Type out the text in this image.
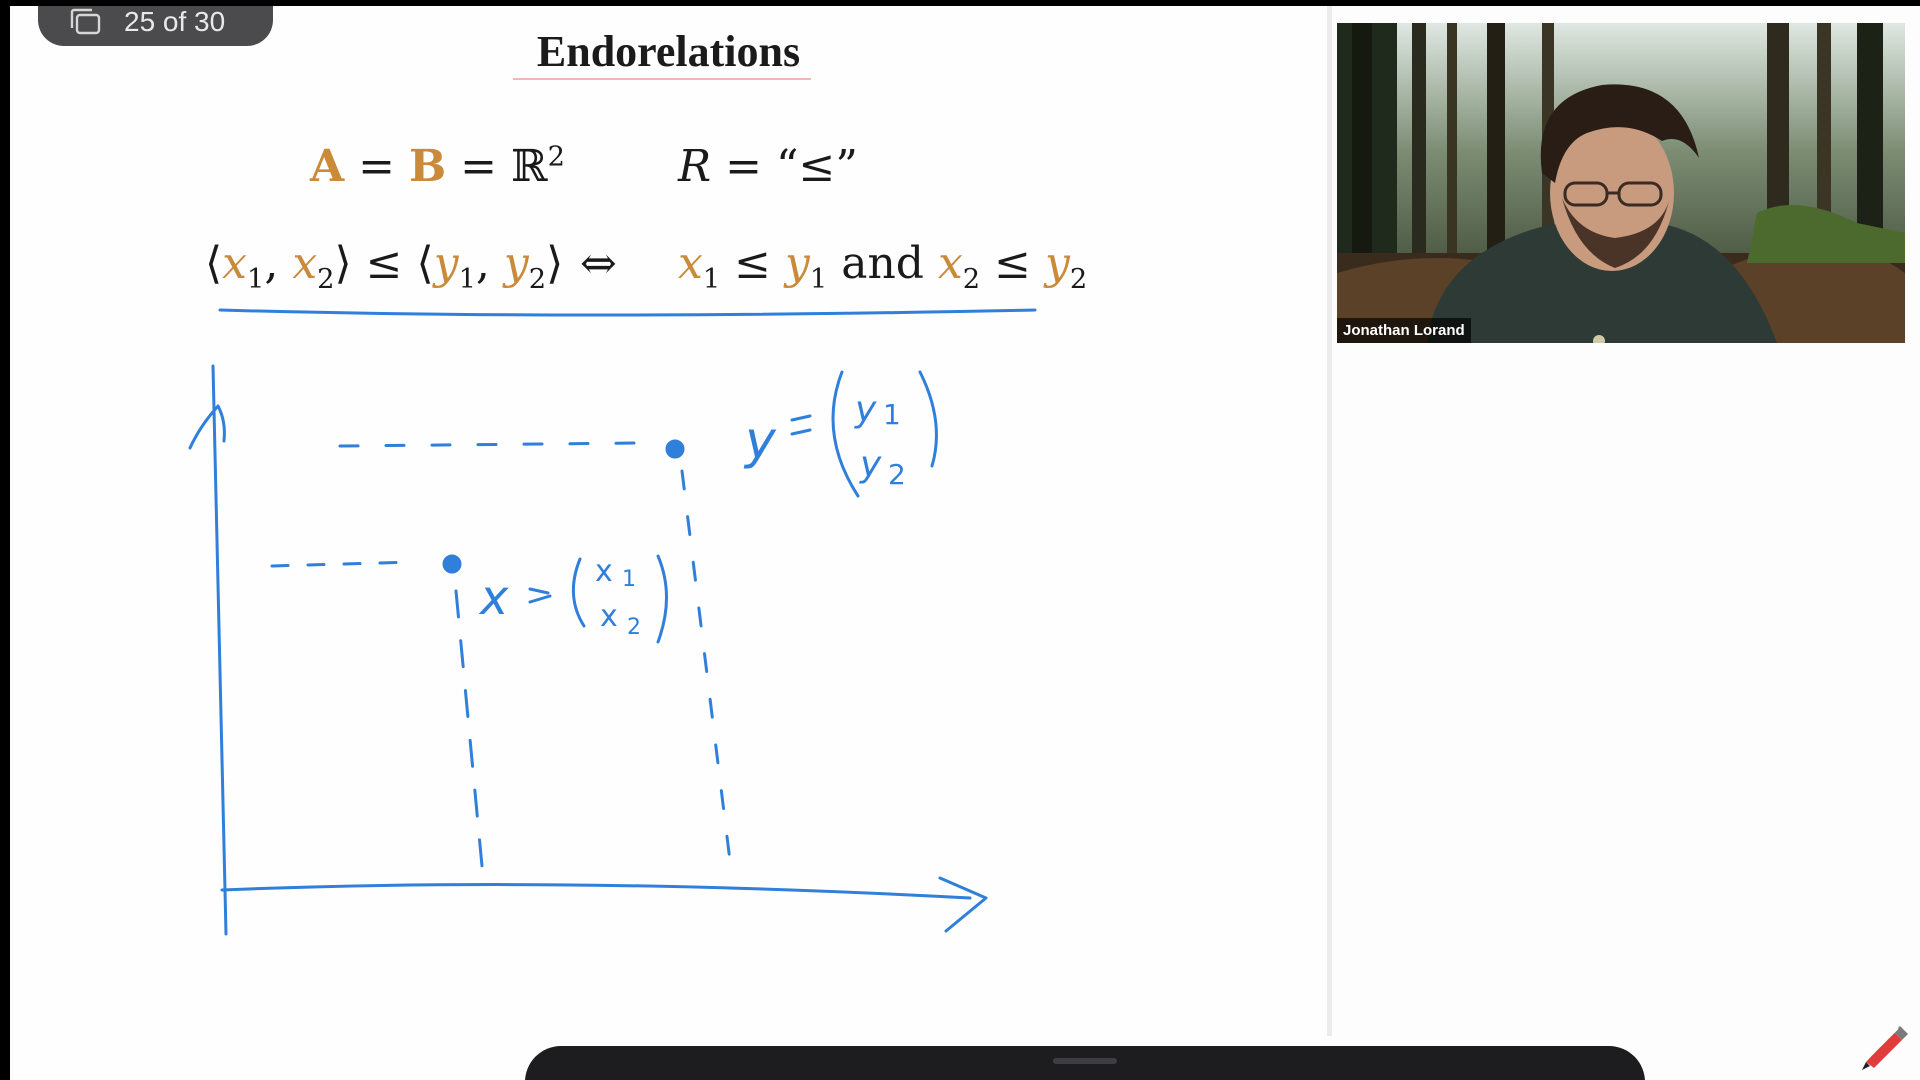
25 of 30
Endorelations
A = B = ℝ$^2$	R = “≤”
$⟨x_1$, $x_2⟩$ ≤ $⟨y_1$, $y_2⟩$ ⇔ $x_1 \le y_1$ and $x_2 \le y_2$
y
x
y 1
y 2
x 1
x 2
Jonathan Lorand
